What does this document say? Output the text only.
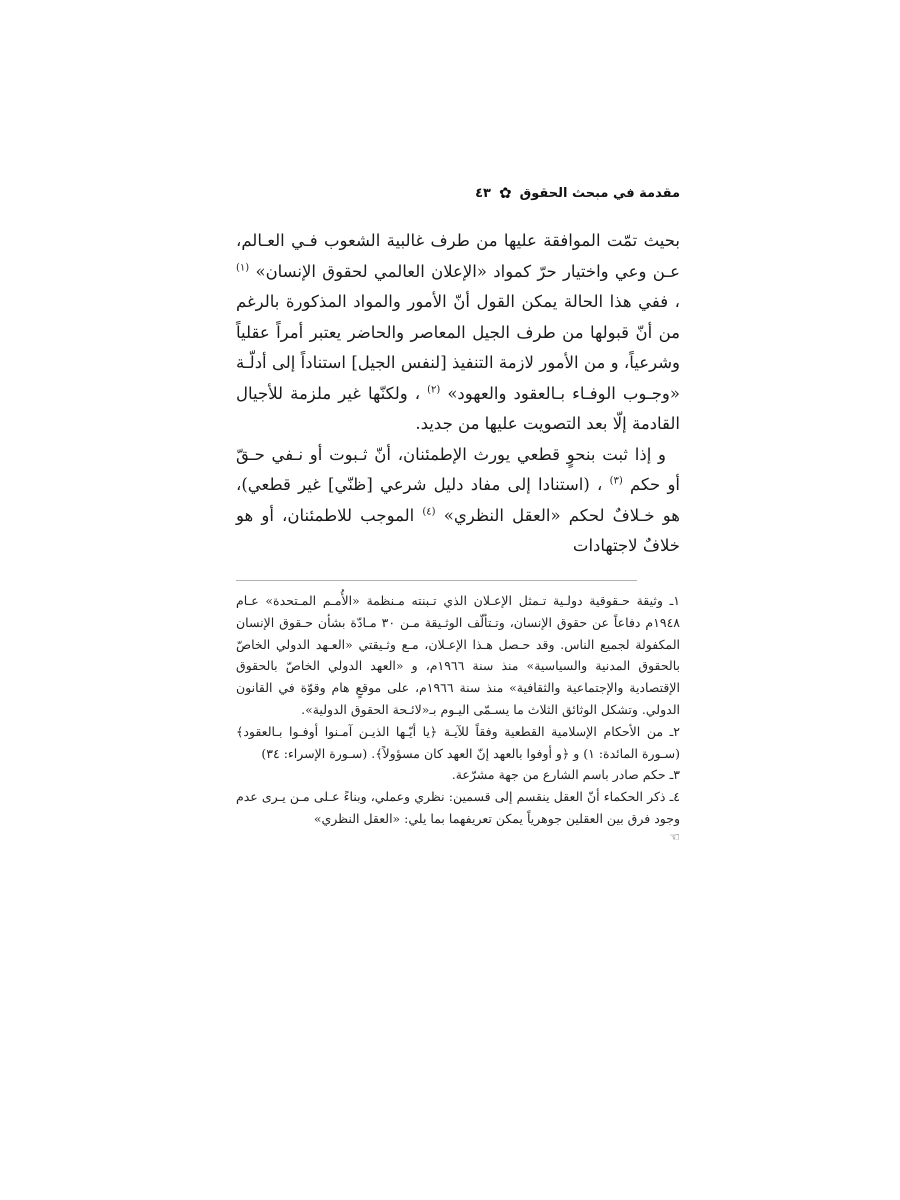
مقدمة في مبحث الحقوق
✿
٤٣

بحيث تمّت الموافقة عليها من طرف غالبية الشعوب فـي العـالم، عـن وعي واختيار حرّ كمواد «الإعلان العالمي لحقوق الإنسان» $^{(١)}$ ، ففي هذا الحالة يمكن القول أنّ الأمور والمواد المذكورة بالرغم من أنّ قبولها من طرف الجيل المعاصر والحاضر يعتبر أمراً عقلياً وشرعياً، و من الأمور لازمة التنفيذ [لنفس الجيل] استناداً إلى أدلّـة «وجـوب الوفـاء بـالعقود والعهود» $^{(٢)}$ ، ولكنّها غير ملزمة للأجيال القادمة إلّا بعد التصويت عليها من جديد.

و إذا ثبت بنحوٍ قطعي يورث الإطمئنان، أنّ ثـبوت أو نـفي حـقّ أو حكم $^{(٣)}$ ، (استنادا إلى مفاد دليل شرعي [ظنّي] غير قطعي)، هو خـلافٌ لحكم «العقل النظري» $^{(٤)}$ الموجب للاطمئنان، أو هو خلافٌ لاجتهادات

١ـ وثيقة حـقوقية دولـية تـمثل الإعـلان الذي تـبنته مـنظمة «الأُمـم المـتحدة» عـام ١٩٤٨م دفاعاً عن حقوق الإنسان، وتـتألّف الوثـيقة مـن ٣٠ مـادّة بشأن حـقوق الإنسان المكفولة لجميع الناس. وقد حـصل هـذا الإعـلان، مـع وثـيقتي «العـهد الدولي الخاصّ بالحقوق المدنية والسياسية» منذ سنة ١٩٦٦م، و «العهد الدولي الخاصّ بالحقوق الإقتصادية والإجتماعية والثقافية» منذ سنة ١٩٦٦م، على موقعٍ هام وقوّة في القانون الدولي. وتشكل الوثائق الثلاث ما يسـمّى اليـوم بـ«لائـحة الحقوق الدولية».

٢ـ من الأحكام الإسلامية القطعية وفقاً للآيـة ﴿يا أيّـها الذيـن آمـنوا أوفـوا بـالعقود﴾ (سـورة المائدة: ١) و ﴿و أوفوا بالعهد إنّ العهد كان مسؤولاً﴾. (سـورة الإسراء: ٣٤)

٣ـ حكم صادر باسم الشارع من جهة مشرّعة.

٤ـ ذكر الحكماء أنّ العقل ينقسم إلى قسمين: نظري وعملي، وبناءً عـلى مـن يـرى عدم وجود فرق بين العقلين جوهرياً يمكن تعريفهما بما يلي: «العقل النظري»

☜
